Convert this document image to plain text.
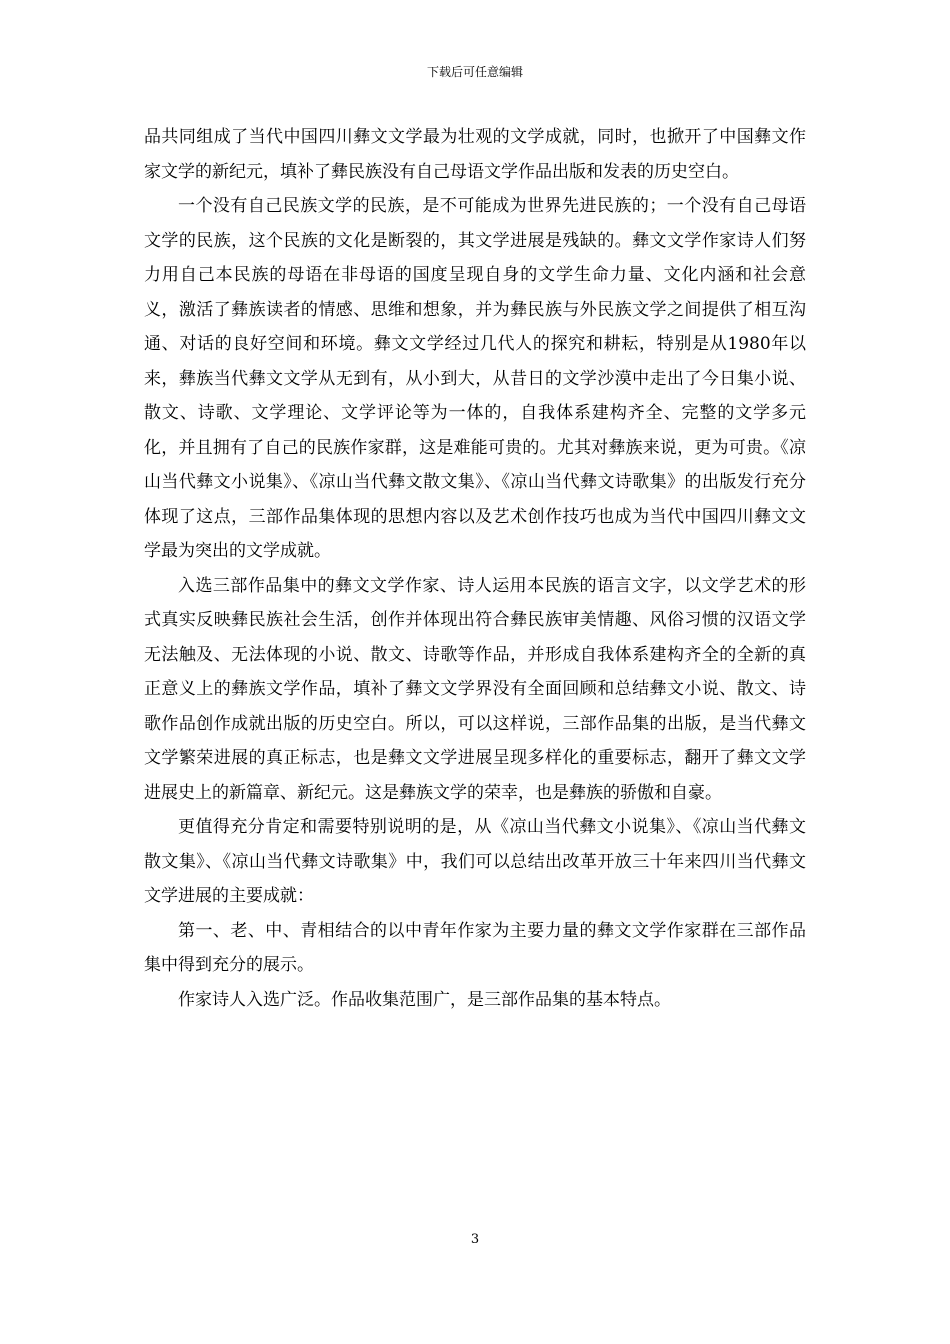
下载后可任意编辑

品共同组成了当代中国四川彝文文学最为壮观的文学成就，同时，也掀开了中国彝文作家文学的新纪元，填补了彝民族没有自己母语文学作品出版和发表的历史空白。

一个没有自己民族文学的民族，是不可能成为世界先进民族的；一个没有自己母语文学的民族，这个民族的文化是断裂的，其文学进展是残缺的。彝文文学作家诗人们努力用自己本民族的母语在非母语的国度呈现自身的文学生命力量、文化内涵和社会意义，激活了彝族读者的情感、思维和想象，并为彝民族与外民族文学之间提供了相互沟通、对话的良好空间和环境。彝文文学经过几代人的探究和耕耘，特别是从1980年以来，彝族当代彝文文学从无到有，从小到大，从昔日的文学沙漠中走出了今日集小说、散文、诗歌、文学理论、文学评论等为一体的，自我体系建构齐全、完整的文学多元化，并且拥有了自己的民族作家群，这是难能可贵的。尤其对彝族来说，更为可贵。《凉山当代彝文小说集》、《凉山当代彝文散文集》、《凉山当代彝文诗歌集》的出版发行充分体现了这点，三部作品集体现的思想内容以及艺术创作技巧也成为当代中国四川彝文文学最为突出的文学成就。

入选三部作品集中的彝文文学作家、诗人运用本民族的语言文字，以文学艺术的形式真实反映彝民族社会生活，创作并体现出符合彝民族审美情趣、风俗习惯的汉语文学无法触及、无法体现的小说、散文、诗歌等作品，并形成自我体系建构齐全的全新的真正意义上的彝族文学作品，填补了彝文文学界没有全面回顾和总结彝文小说、散文、诗歌作品创作成就出版的历史空白。所以，可以这样说，三部作品集的出版，是当代彝文文学繁荣进展的真正标志，也是彝文文学进展呈现多样化的重要标志，翻开了彝文文学进展史上的新篇章、新纪元。这是彝族文学的荣幸，也是彝族的骄傲和自豪。

更值得充分肯定和需要特别说明的是，从《凉山当代彝文小说集》、《凉山当代彝文散文集》、《凉山当代彝文诗歌集》中，我们可以总结出改革开放三十年来四川当代彝文文学进展的主要成就：

第一、老、中、青相结合的以中青年作家为主要力量的彝文文学作家群在三部作品集中得到充分的展示。

作家诗人入选广泛。作品收集范围广，是三部作品集的基本特点。

3
